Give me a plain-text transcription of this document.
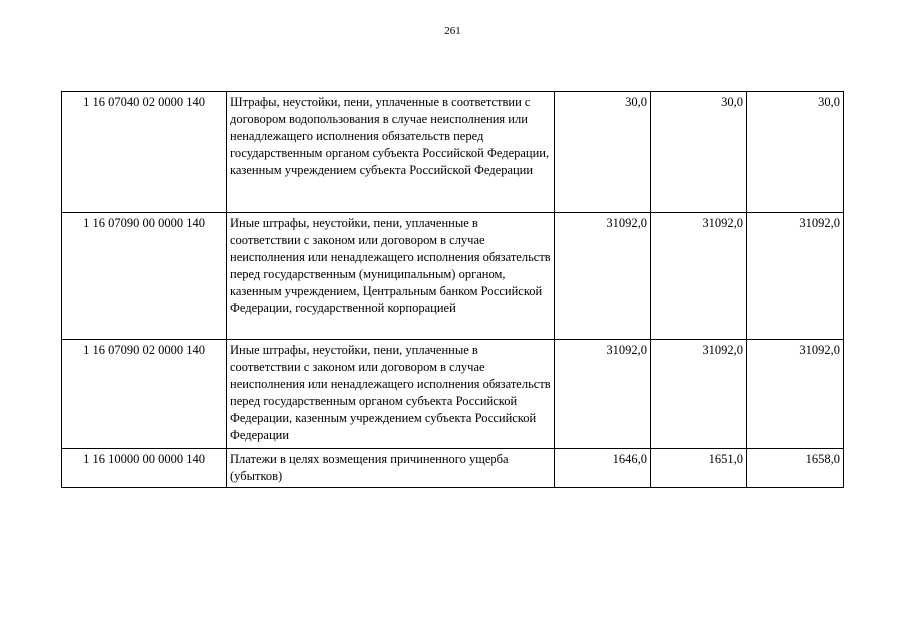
261
1 16 07040 02 0000 140	Штрафы, неустойки, пени, уплаченные в соответствии с договором водопользования в случае неисполнения или ненадлежащего исполнения обязательств перед государственным органом субъекта Российской Федерации, казенным учреждением субъекта Российской Федерации	30,0	30,0	30,0
1 16 07090 00 0000 140	Иные штрафы, неустойки, пени, уплаченные в соответствии с законом или договором в случае неисполнения или ненадлежащего исполнения обязательств перед государственным (муниципальным) органом, казенным учреждением, Центральным банком Российской Федерации, государственной корпорацией	31092,0	31092,0	31092,0
1 16 07090 02 0000 140	Иные штрафы, неустойки, пени, уплаченные в соответствии с законом или договором в случае неисполнения или ненадлежащего исполнения обязательств перед государственным органом субъекта Российской Федерации, казенным учреждением субъекта Российской Федерации	31092,0	31092,0	31092,0
1 16 10000 00 0000 140	Платежи в целях возмещения причиненного ущерба (убытков)	1646,0	1651,0	1658,0
